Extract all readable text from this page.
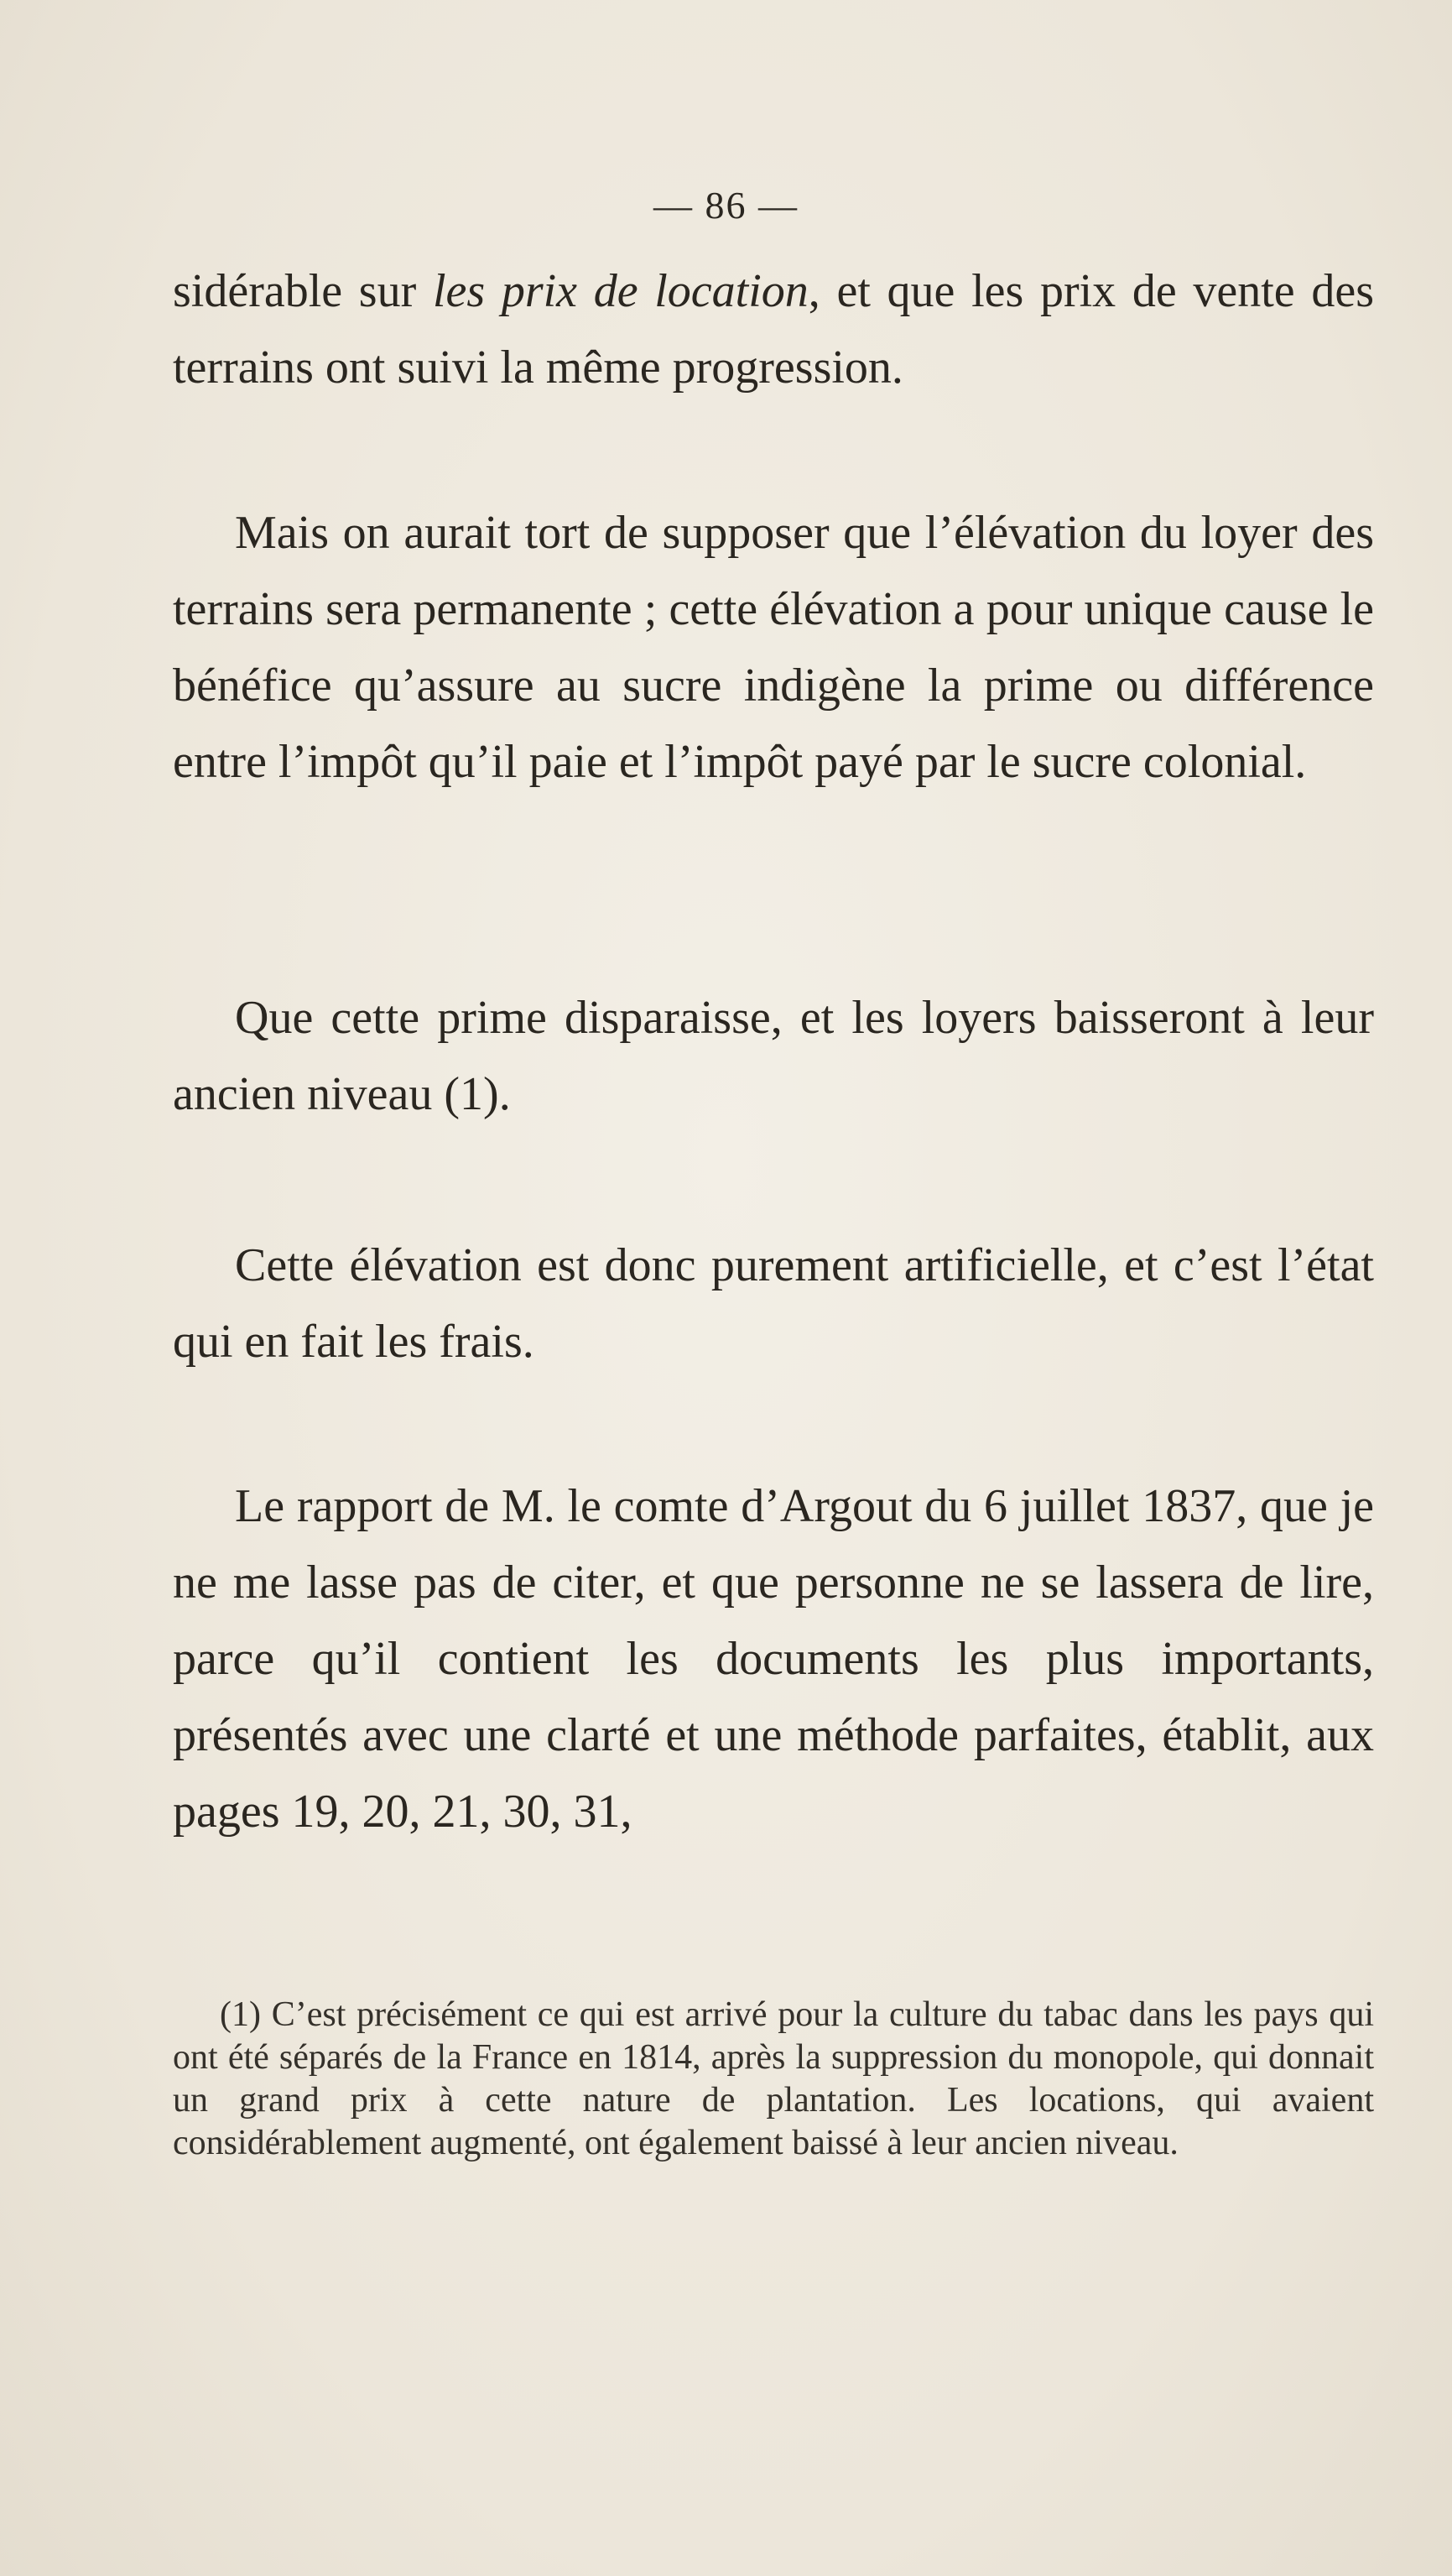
— 86 —

sidérable sur les prix de location, et que les prix de vente des terrains ont suivi la même progression.

Mais on aurait tort de supposer que l’élévation du loyer des terrains sera permanente ; cette élévation a pour unique cause le bénéfice qu’assure au sucre indigène la prime ou différence entre l’impôt qu’il paie et l’impôt payé par le sucre colonial.

Que cette prime disparaisse, et les loyers baisseront à leur ancien niveau (1).

Cette élévation est donc purement artificielle, et c’est l’état qui en fait les frais.

Le rapport de M. le comte d’Argout du 6 juillet 1837, que je ne me lasse pas de citer, et que personne ne se lassera de lire, parce qu’il contient les documents les plus importants, présentés avec une clarté et une méthode parfaites, établit, aux pages 19, 20, 21, 30, 31,

(1) C’est précisément ce qui est arrivé pour la culture du tabac dans les pays qui ont été séparés de la France en 1814, après la suppression du monopole, qui donnait un grand prix à cette nature de plantation. Les locations, qui avaient considérablement augmenté, ont également baissé à leur ancien niveau.
